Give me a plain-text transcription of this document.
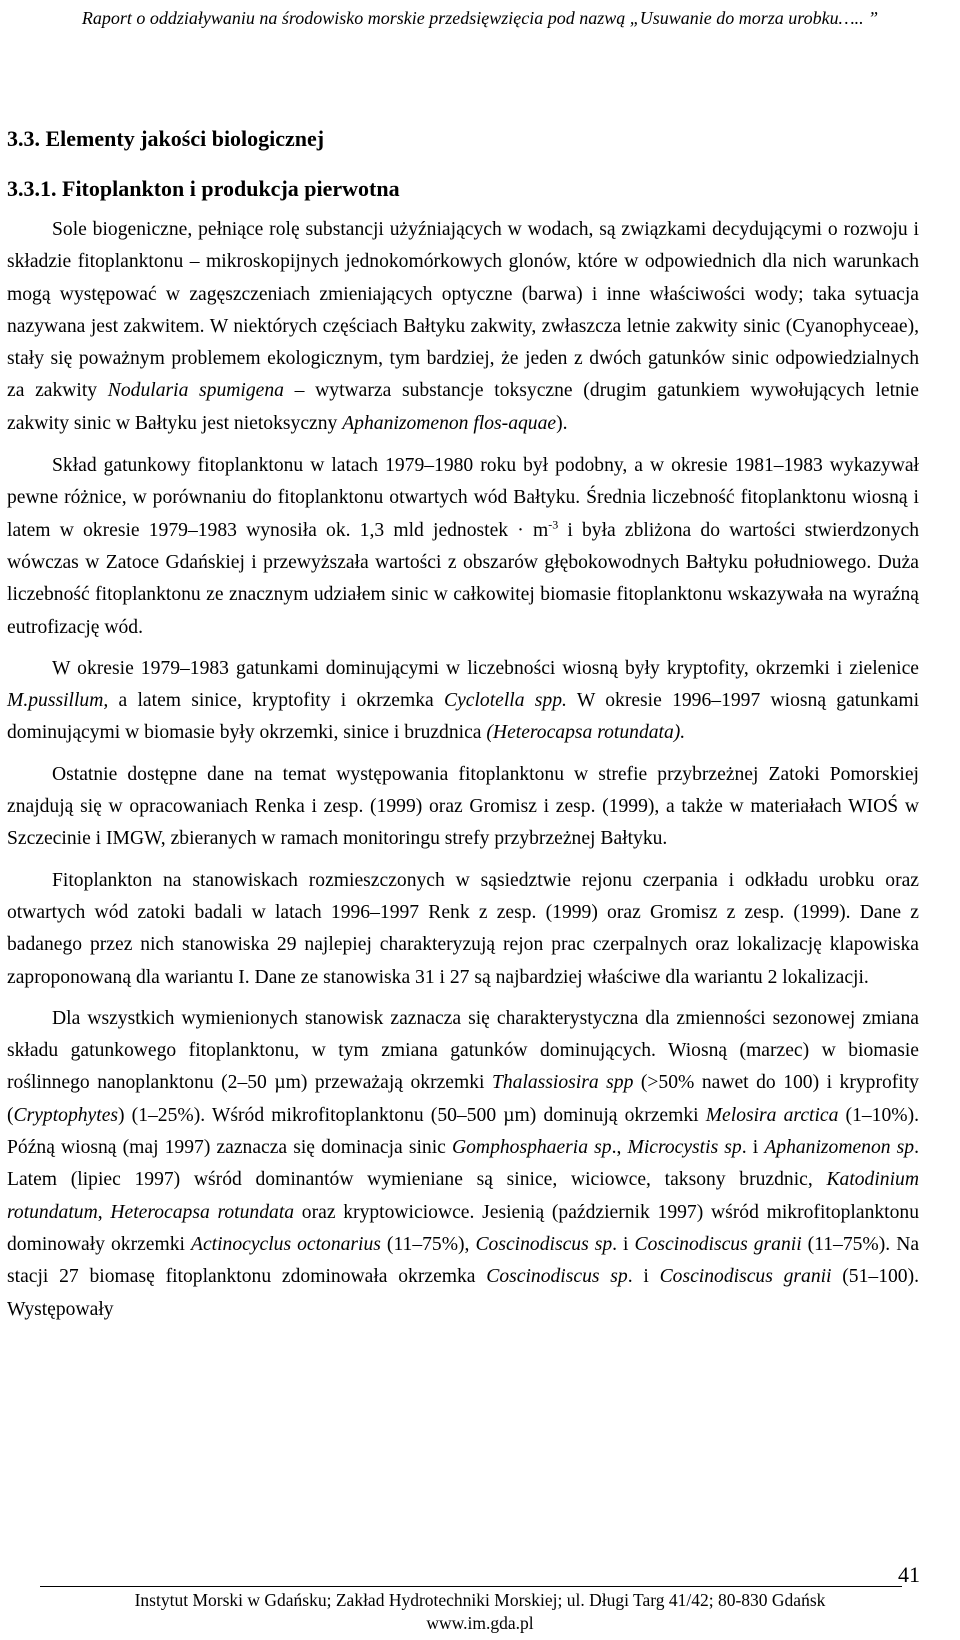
Raport o oddziaływaniu na środowisko morskie przedsięwzięcia pod nazwą „Usuwanie do morza urobku….. ”
3.3. Elementy jakości biologicznej
3.3.1. Fitoplankton i produkcja pierwotna

Sole biogeniczne, pełniące rolę substancji użyźniających w wodach, są związkami decydującymi o rozwoju i składzie fitoplanktonu – mikroskopijnych jednokomórkowych glonów, które w odpowiednich dla nich warunkach mogą występować w zagęszczeniach zmieniających optyczne (barwa) i inne właściwości wody; taka sytuacja nazywana jest zakwitem. W niektórych częściach Bałtyku zakwity, zwłaszcza letnie zakwity sinic (Cyanophyceae), stały się poważnym problemem ekologicznym, tym bardziej, że jeden z dwóch gatunków sinic odpowiedzialnych za zakwity Nodularia spumigena – wytwarza substancje toksyczne (drugim gatunkiem wywołujących letnie zakwity sinic w Bałtyku jest nietoksyczny Aphanizomenon flos-aquae).

Skład gatunkowy fitoplanktonu w latach 1979–1980 roku był podobny, a w okresie 1981–1983 wykazywał pewne różnice, w porównaniu do fitoplanktonu otwartych wód Bałtyku. Średnia liczebność fitoplanktonu wiosną i latem w okresie 1979–1983 wynosiła ok. 1,3 mld jednostek · $m^{-3}$ i była zbliżona do wartości stwierdzonych wówczas w Zatoce Gdańskiej i przewyższała wartości z obszarów głębokowodnych Bałtyku południowego. Duża liczebność fitoplanktonu ze znacznym udziałem sinic w całkowitej biomasie fitoplanktonu wskazywała na wyraźną eutrofizację wód.

W okresie 1979–1983 gatunkami dominującymi w liczebności wiosną były kryptofity, okrzemki i zielenice M.pussillum, a latem sinice, kryptofity i okrzemka Cyclotella spp. W okresie 1996–1997 wiosną gatunkami dominującymi w biomasie były okrzemki, sinice i bruzdnica (Heterocapsa rotundata).

Ostatnie dostępne dane na temat występowania fitoplanktonu w strefie przybrzeżnej Zatoki Pomorskiej znajdują się w opracowaniach Renka i zesp. (1999) oraz Gromisz i zesp. (1999), a także w materiałach WIOŚ w Szczecinie i IMGW, zbieranych w ramach monitoringu strefy przybrzeżnej Bałtyku.

Fitoplankton na stanowiskach rozmieszczonych w sąsiedztwie rejonu czerpania i odkładu urobku oraz otwartych wód zatoki badali w latach 1996–1997 Renk z zesp. (1999) oraz Gromisz z zesp. (1999). Dane z badanego przez nich stanowiska 29 najlepiej charakteryzują rejon prac czerpalnych oraz lokalizację klapowiska zaproponowaną dla wariantu I. Dane ze stanowiska 31 i 27 są najbardziej właściwe dla wariantu 2 lokalizacji.

Dla wszystkich wymienionych stanowisk zaznacza się charakterystyczna dla zmienności sezonowej zmiana składu gatunkowego fitoplanktonu, w tym zmiana gatunków dominujących. Wiosną (marzec) w biomasie roślinnego nanoplanktonu (2–50 µm) przeważają okrzemki Thalassiosira spp (>50% nawet do 100) i kryprofity (Cryptophytes) (1–25%). Wśród mikrofitoplanktonu (50–500 µm) dominują okrzemki Melosira arctica (1–10%). Późną wiosną (maj 1997) zaznacza się dominacja sinic Gomphosphaeria sp., Microcystis sp. i Aphanizomenon sp. Latem (lipiec 1997) wśród dominantów wymieniane są sinice, wiciowce, taksony bruzdnic, Katodinium rotundatum, Heterocapsa rotundata oraz kryptowiciowce. Jesienią (październik 1997) wśród mikrofitoplanktonu dominowały okrzemki Actinocyclus octonarius (11–75%), Coscinodiscus sp. i Coscinodiscus granii (11–75%). Na stacji 27 biomasę fitoplanktonu zdominowała okrzemka Coscinodiscus sp. i Coscinodiscus granii (51–100). Występowały

41
Instytut Morski w Gdańsku; Zakład Hydrotechniki Morskiej; ul. Długi Targ 41/42; 80-830 Gdańsk
www.im.gda.pl
